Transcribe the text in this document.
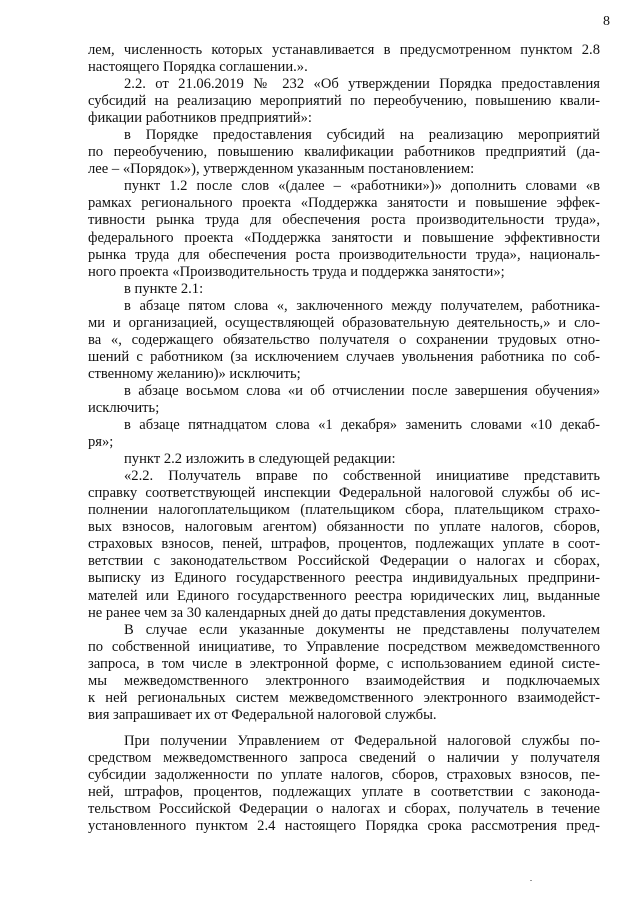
8
лем, численность которых устанавливается в предусмотренном пунктом 2.8
настоящего Порядка соглашении.».
2.2. от 21.06.2019 № 232 «Об утверждении Порядка предоставления
субсидий на реализацию мероприятий по переобучению, повышению квали-
фикации работников предприятий»:
в Порядке предоставления субсидий на реализацию мероприятий
по переобучению, повышению квалификации работников предприятий (да-
лее – «Порядок»), утвержденном указанным постановлением:
пункт 1.2 после слов «(далее – «работники»)» дополнить словами «в
рамках регионального проекта «Поддержка занятости и повышение эффек-
тивности рынка труда для обеспечения роста производительности труда»,
федерального проекта «Поддержка занятости и повышение эффективности
рынка труда для обеспечения роста производительности труда», националь-
ного проекта «Производительность труда и поддержка занятости»;
в пункте 2.1:
в абзаце пятом слова «, заключенного между получателем, работника-
ми и организацией, осуществляющей образовательную деятельность,» и сло-
ва «, содержащего обязательство получателя о сохранении трудовых отно-
шений с работником (за исключением случаев увольнения работника по соб-
ственному желанию)» исключить;
в абзаце восьмом слова «и об отчислении после завершения обучения»
исключить;
в абзаце пятнадцатом слова «1 декабря» заменить словами «10 декаб-
ря»;
пункт 2.2 изложить в следующей редакции:
«2.2. Получатель вправе по собственной инициативе представить
справку соответствующей инспекции Федеральной налоговой службы об ис-
полнении налогоплательщиком (плательщиком сбора, плательщиком страхо-
вых взносов, налоговым агентом) обязанности по уплате налогов, сборов,
страховых взносов, пеней, штрафов, процентов, подлежащих уплате в соот-
ветствии с законодательством Российской Федерации о налогах и сборах,
выписку из Единого государственного реестра индивидуальных предприни-
мателей или Единого государственного реестра юридических лиц, выданные
не ранее чем за 30 календарных дней до даты представления документов.
В случае если указанные документы не представлены получателем
по собственной инициативе, то Управление посредством межведомственного
запроса, в том числе в электронной форме, с использованием единой систе-
мы межведомственного электронного взаимодействия и подключаемых
к ней региональных систем межведомственного электронного взаимодейст-
вия запрашивает их от Федеральной налоговой службы.
При получении Управлением от Федеральной налоговой службы по-
средством межведомственного запроса сведений о наличии у получателя
субсидии задолженности по уплате налогов, сборов, страховых взносов, пе-
ней, штрафов, процентов, подлежащих уплате в соответствии с законода-
тельством Российской Федерации о налогах и сборах, получатель в течение
установленного пунктом 2.4 настоящего Порядка срока рассмотрения пред-
